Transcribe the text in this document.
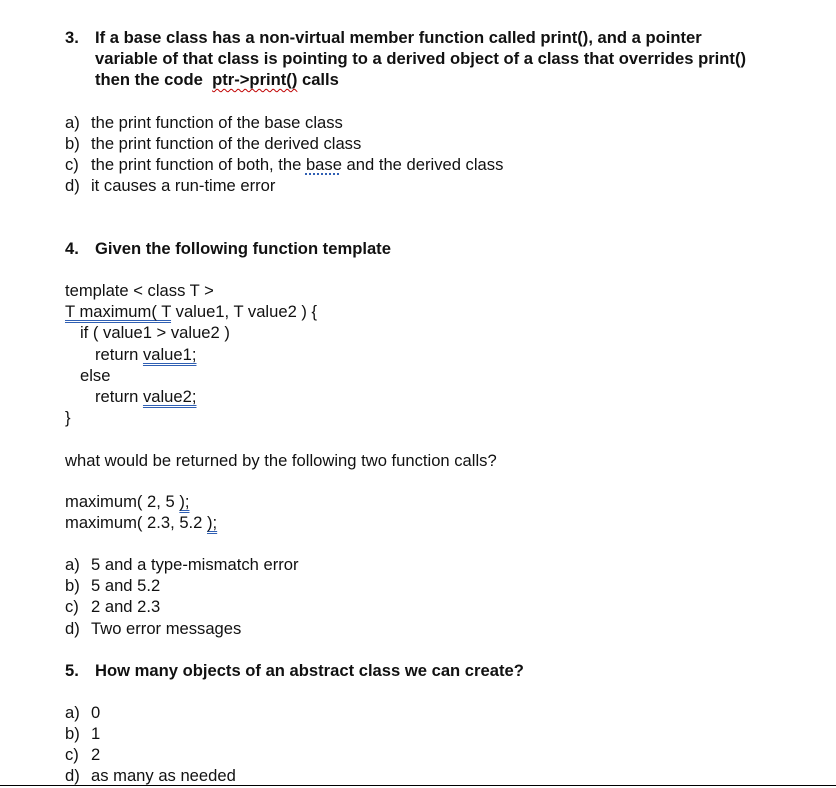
3. If a base class has a non-virtual member function called print(), and a pointer
variable of that class is pointing to a derived object of a class that overrides print()
then the code  ptr->print() calls
a) the print function of the base class
b) the print function of the derived class
c) the print function of both, the base and the derived class
d) it causes a run-time error
4. Given the following function template
template < class T >
T maximum( T value1, T value2 ) {
if ( value1 > value2 )
return value1;
else
return value2;
}
what would be returned by the following two function calls?
maximum( 2, 5 );
maximum( 2.3, 5.2 );
a) 5 and a type-mismatch error
b) 5 and 5.2
c) 2 and 2.3
d) Two error messages
5. How many objects of an abstract class we can create?
a) 0
b) 1
c) 2
d) as many as needed
